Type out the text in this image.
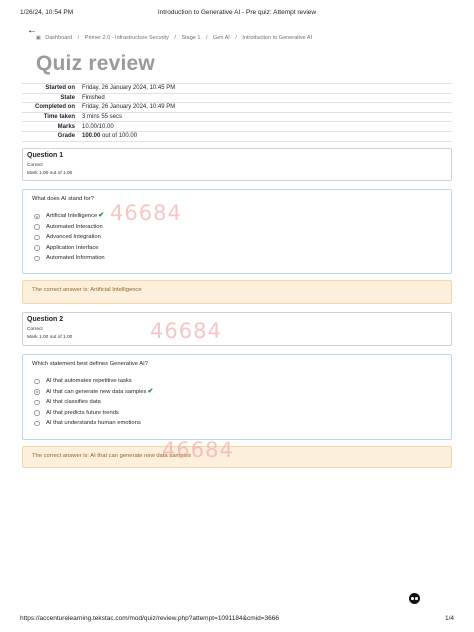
1/26/24, 10:54 PM	Introduction to Generative AI - Pre quiz: Attempt review
←
▣ Dashboard / Primer 2.0 - Infrastructure Security / Stage 1 / Gen AI / Introduction to Generative AI
Quiz review
Started on	Friday, 26 January 2024, 10:45 PM
State	Finished
Completed on	Friday, 26 January 2024, 10:49 PM
Time taken	3 mins 55 secs
Marks	10.00/10.00
Grade	100.00 out of 100.00
Question 1
Correct
Mark 1.00 out of 1.00
What does AI stand for?
Artificial Intelligence✔
Automated Interaction
Advanced Integration
Application Interface
Automated Information
The correct answer is: Artificial Intelligence
Question 2
Correct
Mark 1.00 out of 1.00
Which statement best defines Generative AI?
AI that automates repetitive tasks
AI that can generate new data samples✔
AI that classifies data
AI that predicts future trends
AI that understands human emotions
The correct answer is: AI that can generate new data samples
46684
46684
46684
https://accenturelearning.tekstac.com/mod/quiz/review.php?attempt=1091184&cmid=3666	1/4
